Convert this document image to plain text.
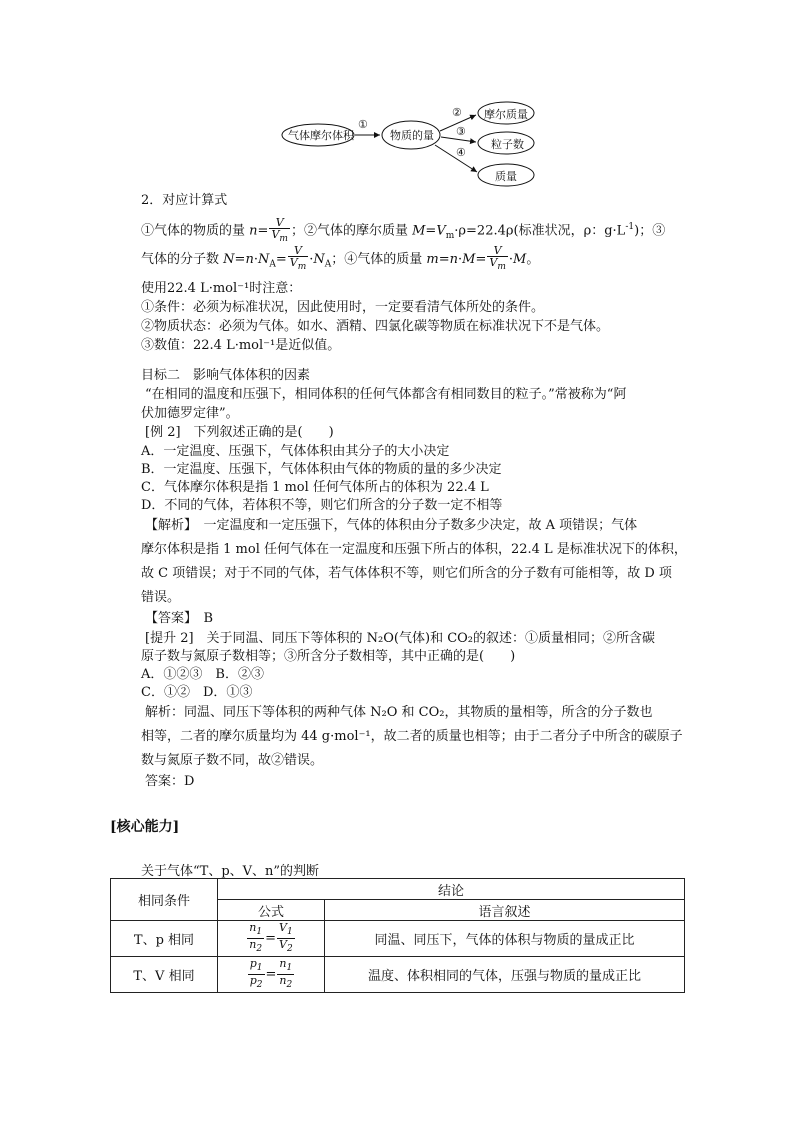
气体摩尔体积	物质的量
摩尔质量
粒子数
质量
①
②
③
④
2．对应计算式
①气体的物质的量 $n= \frac{V}{V_m}$ ；②气体的摩尔质量 $M=V_m\cdot\rho=22.4\rho$(标准状况，ρ：$g\cdot L^{-1}$)；③
气体的分子数 $N=n\cdot N_A= \frac{V}{V_m} \cdot N_A$；④气体的质量 $m=n\cdot M= \frac{V}{V_m} \cdot M$。
使用22.4 L·mol⁻¹时注意：
①条件：必须为标准状况，因此使用时，一定要看清气体所处的条件。
②物质状态：必须为气体。如水、酒精、四氯化碳等物质在标准状况下不是气体。
③数值：22.4 L·mol⁻¹是近似值。
目标二　影响气体体积的因素
“在相同的温度和压强下，相同体积的任何气体都含有相同数目的粒子。”常被称为“阿
伏加德罗定律”。
[例 2]　下列叙述正确的是(　　)
A．一定温度、压强下，气体体积由其分子的大小决定
B．一定温度、压强下，气体体积由气体的物质的量的多少决定
C．气体摩尔体积是指 1 mol 任何气体所占的体积为 22.4 L
D．不同的气体，若体积不等，则它们所含的分子数一定不相等
【解析】　一定温度和一定压强下，气体的体积由分子数多少决定，故 A 项错误；气体
摩尔体积是指 1 mol 任何气体在一定温度和压强下所占的体积，22.4 L 是标准状况下的体积，
故 C 项错误；对于不同的气体，若气体体积不等，则它们所含的分子数有可能相等，故 D 项
错误。
【答案】　B
[提升 2]　关于同温、同压下等体积的 N₂O(气体)和 CO₂的叙述：①质量相同；②所含碳
原子数与氮原子数相等；③所含分子数相等，其中正确的是(　　)
A．①②③　B．②③
C．①②　D．①③
解析：同温、同压下等体积的两种气体 N₂O 和 CO₂，其物质的量相等，所含的分子数也
相等，二者的摩尔质量均为 44 g·mol⁻¹，故二者的质量也相等；由于二者分子中所含的碳原子
数与氮原子数不同，故②错误。
答案：D
[核心能力]
关于气体“T、p、V、n”的判断
相同条件	结论	
	公式	语言叙述
T、p 相同	$\frac{n_1}{n_2} = \frac{V_1}{V_2}$	同温、同压下，气体的体积与物质的量成正比
T、V 相同	$\frac{p_1}{p_2} = \frac{n_1}{n_2}$	温度、体积相同的气体，压强与物质的量成正比
